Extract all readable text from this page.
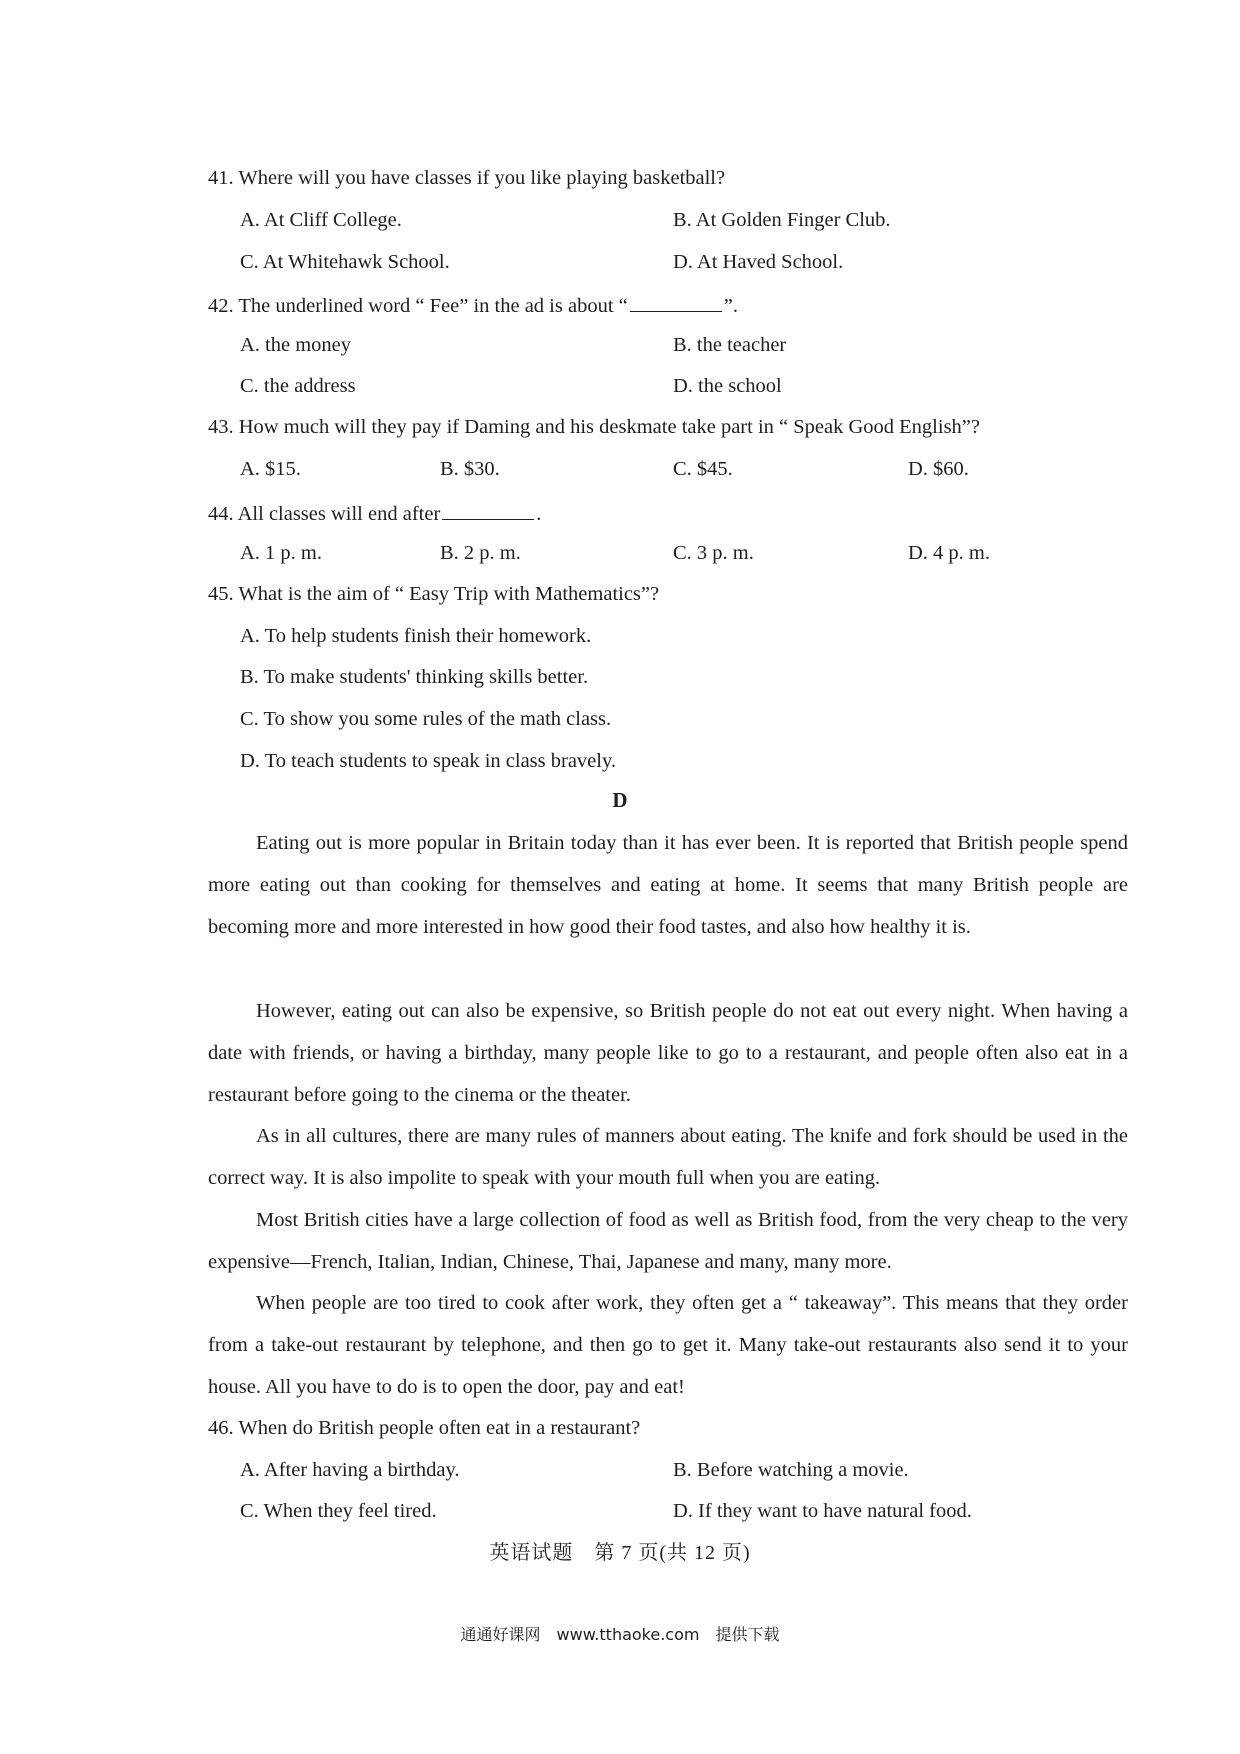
41. Where will you have classes if you like playing basketball?
A. At Cliff College.	B. At Golden Finger Club.
C. At Whitehawk School.	D. At Haved School.
42. The underlined word “ Fee” in the ad is about “	”.
A. the money	B. the teacher
C. the address	D. the school
43. How much will they pay if Daming and his deskmate take part in “ Speak Good English”?
A. $15.	B. $30.	C. $45.	D. $60.
44. All classes will end after	.
A. 1 p. m.	B. 2 p. m.	C. 3 p. m.	D. 4 p. m.
45. What is the aim of “ Easy Trip with Mathematics”?
A. To help students finish their homework.
B. To make students' thinking skills better.
C. To show you some rules of the math class.
D. To teach students to speak in class bravely.
D
Eating out is more popular in Britain today than it has ever been. It is reported that British people spend more eating out than cooking for themselves and eating at home. It seems that many British people are becoming more and more interested in how good their food tastes, and also how healthy it is.
However, eating out can also be expensive, so British people do not eat out every night. When having a date with friends, or having a birthday, many people like to go to a restaurant, and people often also eat in a restaurant before going to the cinema or the theater.
As in all cultures, there are many rules of manners about eating. The knife and fork should be used in the correct way. It is also impolite to speak with your mouth full when you are eating.
Most British cities have a large collection of food as well as British food, from the very cheap to the very expensive—French, Italian, Indian, Chinese, Thai, Japanese and many, many more.
When people are too tired to cook after work, they often get a “ takeaway”. This means that they order from a take-out restaurant by telephone, and then go to get it. Many take-out restaurants also send it to your house. All you have to do is to open the door, pay and eat!
46. When do British people often eat in a restaurant?
A. After having a birthday.	B. Before watching a movie.
C. When they feel tired.	D. If they want to have natural food.
英语试题　第 7 页(共 12 页)
通通好课网　www.tthaoke.com　提供下载
